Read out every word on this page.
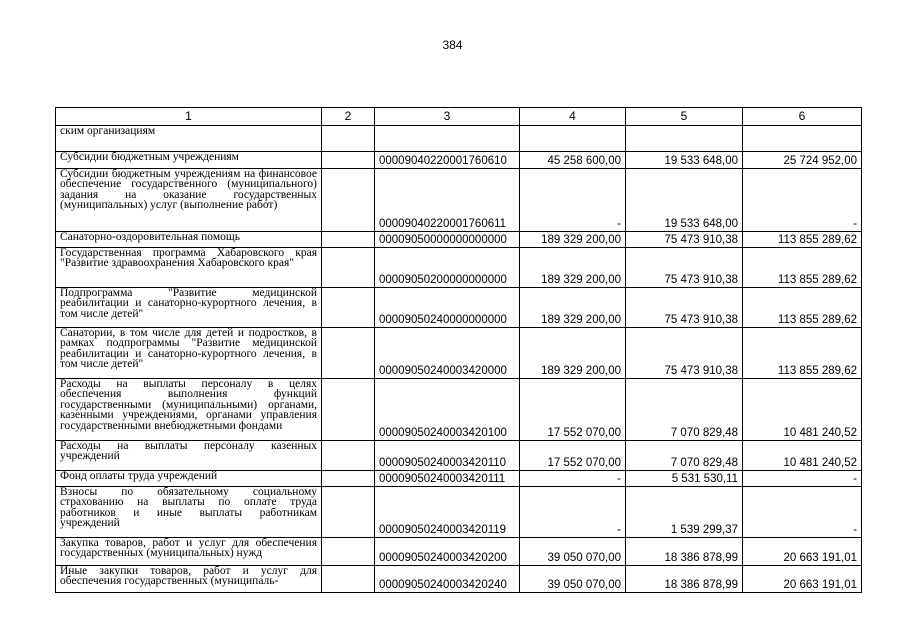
384
1	2	3	4	5	6
ским организациям					
Субсидии бюджетным учреждениям		00009040220001760610	45 258 600,00	19 533 648,00	25 724 952,00
Субсидии бюджетным учреждениям на финансовое обеспечение государственного (муниципального) задания на оказание государственных (муниципальных) услуг (выполнение работ)		00009040220001760611	-	19 533 648,00	-
Санаторно-оздоровительная помощь		00009050000000000000	189 329 200,00	75 473 910,38	113 855 289,62
Государственная программа Хабаровского края "Развитие здравоохранения Хабаровского края"		00009050200000000000	189 329 200,00	75 473 910,38	113 855 289,62
Подпрограмма "Развитие медицинской реабилитации и санаторно-курортного лечения, в том числе детей"		00009050240000000000	189 329 200,00	75 473 910,38	113 855 289,62
Санатории, в том числе для детей и подростков, в рамках подпрограммы "Развитие медицинской реабилитации и санаторно-курортного лечения, в том числе детей"		00009050240003420000	189 329 200,00	75 473 910,38	113 855 289,62
Расходы на выплаты персоналу в целях обеспечения выполнения функций государственными (муниципальными) органами, казенными учреждениями, органами управления государственными внебюджетными фондами		00009050240003420100	17 552 070,00	7 070 829,48	10 481 240,52
Расходы на выплаты персоналу казенных учреждений		00009050240003420110	17 552 070,00	7 070 829,48	10 481 240,52
Фонд оплаты труда учреждений		00009050240003420111	-	5 531 530,11	-
Взносы по обязательному социальному страхованию на выплаты по оплате труда работников и иные выплаты работникам учреждений		00009050240003420119	-	1 539 299,37	-
Закупка товаров, работ и услуг для обеспечения государственных (муниципальных) нужд		00009050240003420200	39 050 070,00	18 386 878,99	20 663 191,01
Иные закупки товаров, работ и услуг для обеспечения государственных (муниципаль-		00009050240003420240	39 050 070,00	18 386 878,99	20 663 191,01
